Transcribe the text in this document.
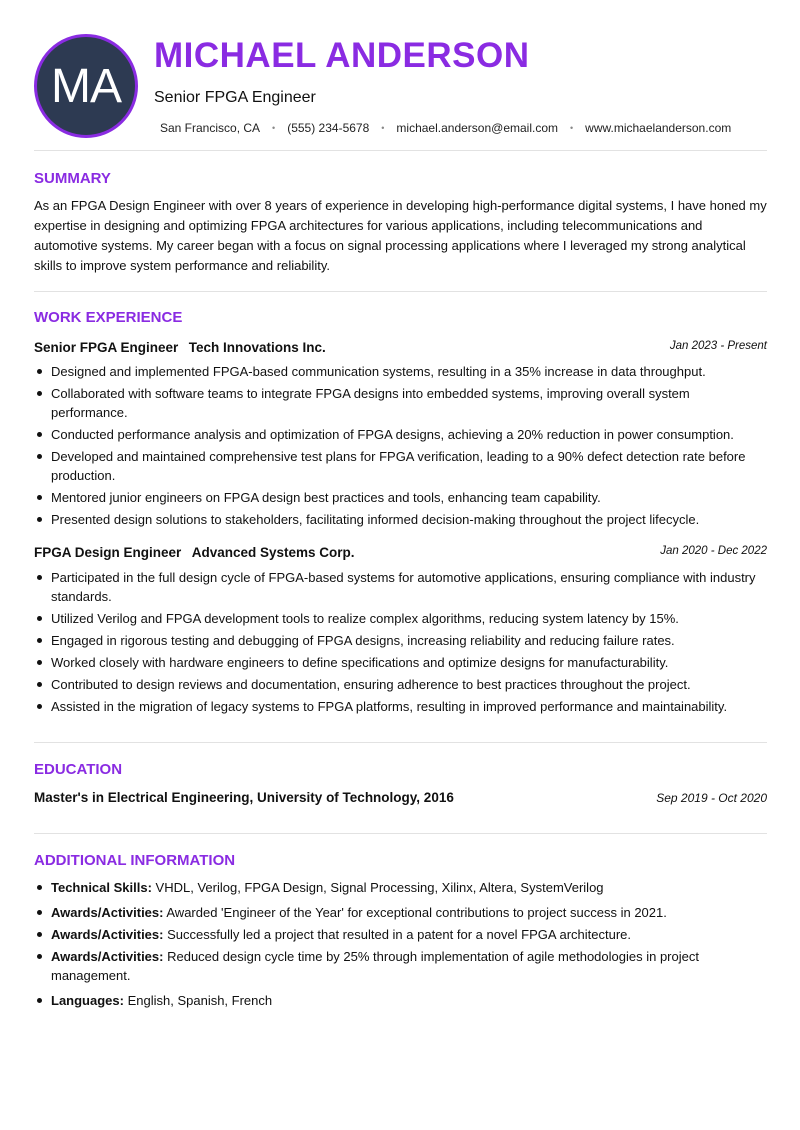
MA
MICHAEL ANDERSON
Senior FPGA Engineer
San Francisco, CA • (555) 234-5678 • michael.anderson@email.com • www.michaelanderson.com
SUMMARY

As an FPGA Design Engineer with over 8 years of experience in developing high-performance digital systems, I have honed my expertise in designing and optimizing FPGA architectures for various applications, including telecommunications and automotive systems. My career began with a focus on signal processing applications where I leveraged my strong analytical skills to improve system performance and reliability.

WORK EXPERIENCE
Senior FPGA Engineer Tech Innovations Inc.	Jan 2023 - Present
Designed and implemented FPGA-based communication systems, resulting in a 35% increase in data throughput.
Collaborated with software teams to integrate FPGA designs into embedded systems, improving overall system performance.
Conducted performance analysis and optimization of FPGA designs, achieving a 20% reduction in power consumption.
Developed and maintained comprehensive test plans for FPGA verification, leading to a 90% defect detection rate before production.
Mentored junior engineers on FPGA design best practices and tools, enhancing team capability.
Presented design solutions to stakeholders, facilitating informed decision-making throughout the project lifecycle.
FPGA Design Engineer Advanced Systems Corp.	Jan 2020 - Dec 2022
Participated in the full design cycle of FPGA-based systems for automotive applications, ensuring compliance with industry standards.
Utilized Verilog and FPGA development tools to realize complex algorithms, reducing system latency by 15%.
Engaged in rigorous testing and debugging of FPGA designs, increasing reliability and reducing failure rates.
Worked closely with hardware engineers to define specifications and optimize designs for manufacturability.
Contributed to design reviews and documentation, ensuring adherence to best practices throughout the project.
Assisted in the migration of legacy systems to FPGA platforms, resulting in improved performance and maintainability.
EDUCATION
Master's in Electrical Engineering, University of Technology, 2016	Sep 2019 - Oct 2020
ADDITIONAL INFORMATION
Technical Skills: VHDL, Verilog, FPGA Design, Signal Processing, Xilinx, Altera, SystemVerilog
Awards/Activities: Awarded 'Engineer of the Year' for exceptional contributions to project success in 2021.
Awards/Activities: Successfully led a project that resulted in a patent for a novel FPGA architecture.
Awards/Activities: Reduced design cycle time by 25% through implementation of agile methodologies in project management.
Languages: English, Spanish, French
